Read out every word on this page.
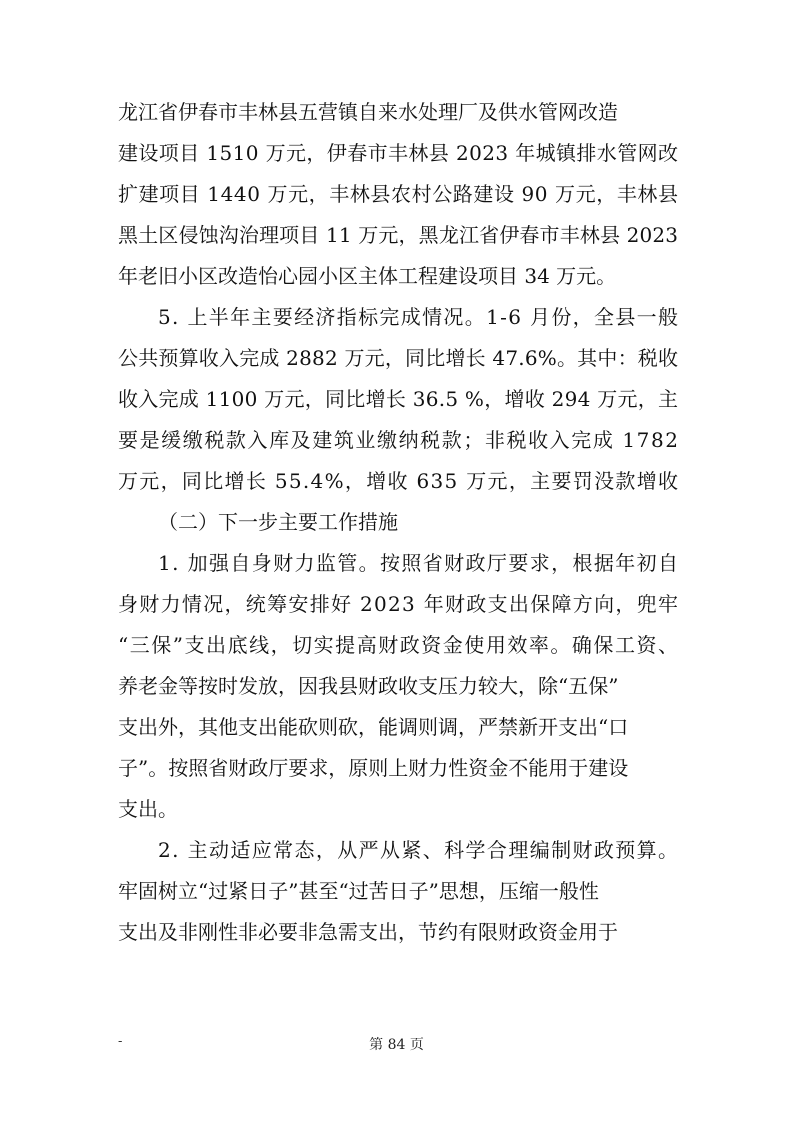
龙江省伊春市丰林县五营镇自来水处理厂及供水管网改造
建设项目 1510 万元，伊春市丰林县 2023 年城镇排水管网改
扩建项目 1440 万元，丰林县农村公路建设 90 万元，丰林县
黑土区侵蚀沟治理项目 11 万元，黑龙江省伊春市丰林县 2023
年老旧小区改造怡心园小区主体工程建设项目 34 万元。
5. 上半年主要经济指标完成情况。1-6 月份，全县一般
公共预算收入完成 2882 万元，同比增长 47.6%。其中：税收
收入完成 1100 万元，同比增长 36.5 %，增收 294 万元，主
要是缓缴税款入库及建筑业缴纳税款；非税收入完成 1782
万元，同比增长 55.4%，增收 635 万元，主要罚没款增收
（二）下一步主要工作措施
1. 加强自身财力监管。按照省财政厅要求，根据年初自
身财力情况，统筹安排好 2023 年财政支出保障方向，兜牢
“三保”支出底线，切实提高财政资金使用效率。确保工资、
养老金等按时发放，因我县财政收支压力较大，除“五保”
支出外，其他支出能砍则砍，能调则调，严禁新开支出“口
子”。按照省财政厅要求，原则上财力性资金不能用于建设
支出。
2. 主动适应常态，从严从紧、科学合理编制财政预算。
牢固树立“过紧日子”甚至“过苦日子”思想，压缩一般性
支出及非刚性非必要非急需支出，节约有限财政资金用于
-	第 84 页
